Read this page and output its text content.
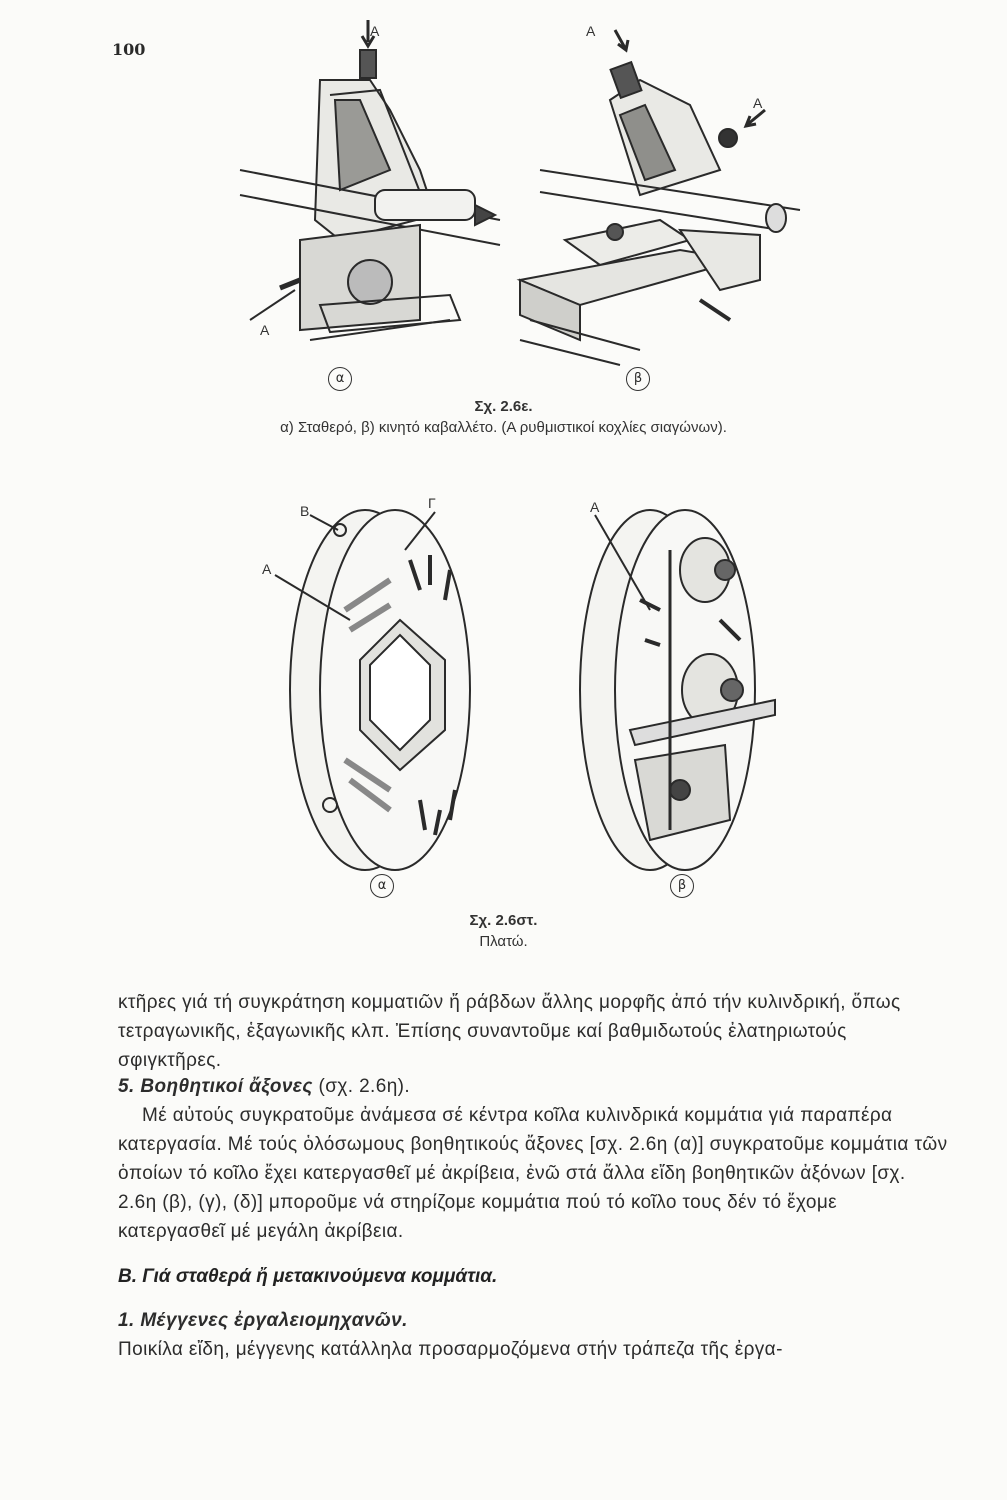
100
Α
Α
Α
Α
α	β
Σχ. 2.6ε.
α) Σταθερό, β) κινητό καβαλλέτο. (Α ρυθμιστικοί κοχλίες σιαγώνων).
Β	Γ
Α
Α
α	β
Σχ. 2.6στ.
Πλατώ.

κτῆρες γιά τή συγκράτηση κομματιῶν ἤ ράβδων ἄλλης μορφῆς ἀπό τήν κυλινδρική, ὅπως τετραγωνικῆς, ἑξαγωνικῆς κλπ. Ἐπίσης συναντοῦμε καί βαθμιδωτούς ἐλατηριωτούς σφιγκτῆρες.

5. Βοηθητικοί ἄξονες (σχ. 2.6η).

Μέ αὐτούς συγκρατοῦμε ἀνάμεσα σέ κέντρα κοῖλα κυλινδρικά κομμάτια γιά παραπέρα κατεργασία. Μέ τούς ὁλόσωμους βοηθητικούς ἄξονες [σχ. 2.6η (α)] συγκρατοῦμε κομμάτια τῶν ὁποίων τό κοῖλο ἔχει κατεργασθεῖ μέ ἀκρίβεια, ἐνῶ στά ἄλλα εἴδη βοηθητικῶν ἀξόνων [σχ. 2.6η (β), (γ), (δ)] μποροῦμε νά στηρίζομε κομμάτια πού τό κοῖλο τους δέν τό ἔχομε κατεργασθεῖ μέ μεγάλη ἀκρίβεια.

Β. Γιά σταθερά ἤ μετακινούμενα κομμάτια.

1. Μέγγενες ἐργαλειομηχανῶν.

Ποικίλα εἴδη, μέγγενης κατάλληλα προσαρμοζόμενα στήν τράπεζα τῆς ἐργα-
